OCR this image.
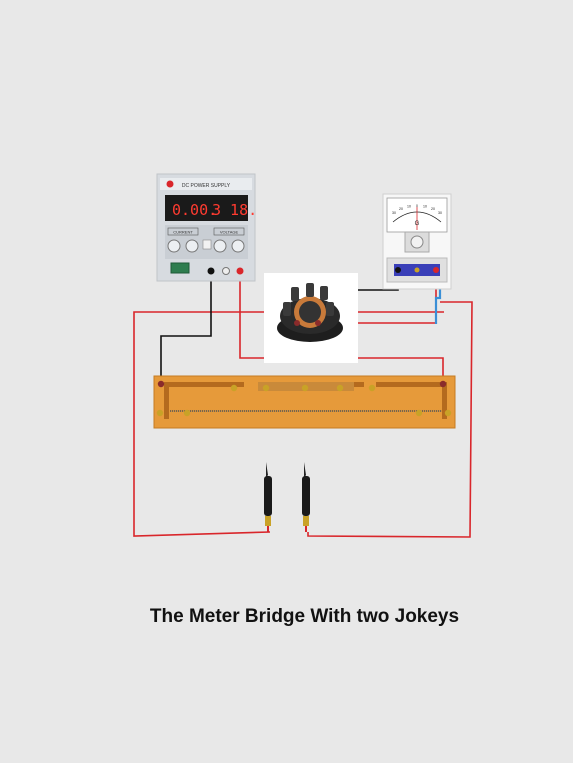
DC POWER SUPPLY
0.00.
3 18.
CURRENT	VOLTAGE
30
20
10 0 10
20
30
G
The Meter Bridge With two Jokeys
